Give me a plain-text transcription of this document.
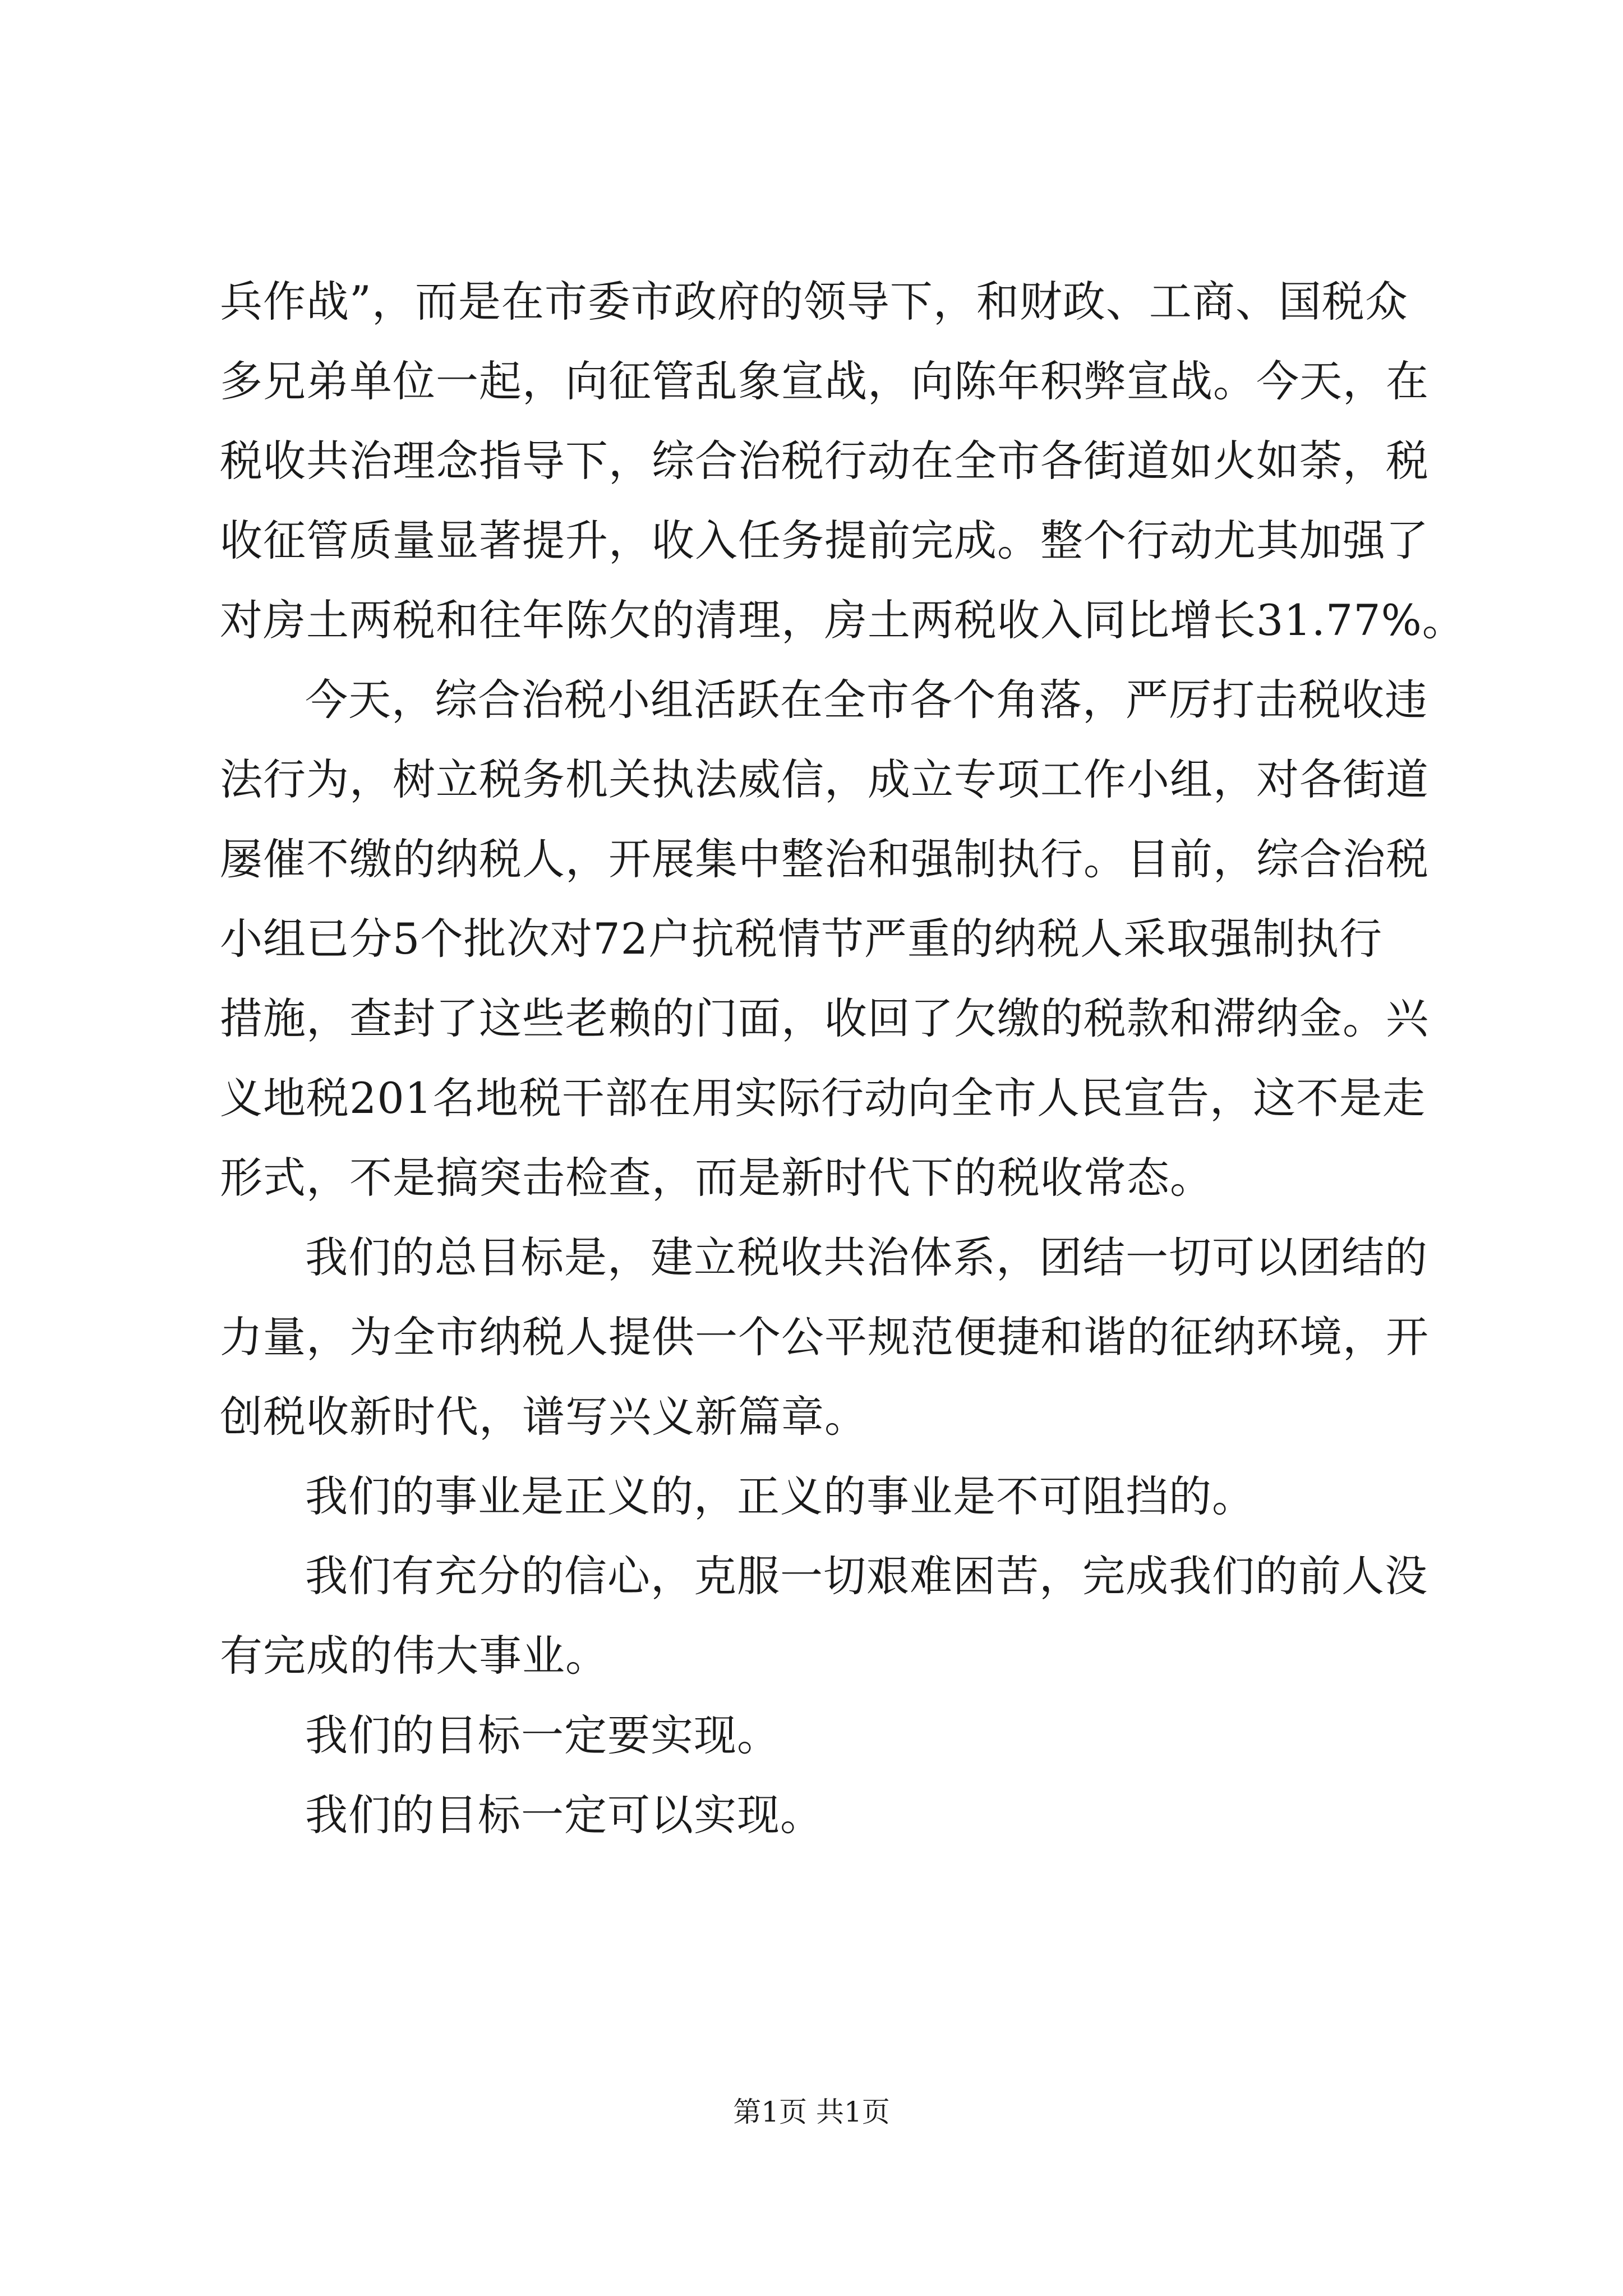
兵作战”，而是在市委市政府的领导下，和财政、工商、国税众
多兄弟单位一起，向征管乱象宣战，向陈年积弊宣战。今天，在
税收共治理念指导下，综合治税行动在全市各街道如火如荼，税
收征管质量显著提升，收入任务提前完成。整个行动尤其加强了
对房土两税和往年陈欠的清理，房土两税收入同比增长31.77%。
今天，综合治税小组活跃在全市各个角落，严厉打击税收违
法行为，树立税务机关执法威信，成立专项工作小组，对各街道
屡催不缴的纳税人，开展集中整治和强制执行。目前，综合治税
小组已分5个批次对72户抗税情节严重的纳税人采取强制执行
措施，查封了这些老赖的门面，收回了欠缴的税款和滞纳金。兴
义地税201名地税干部在用实际行动向全市人民宣告，这不是走
形式，不是搞突击检查，而是新时代下的税收常态。
我们的总目标是，建立税收共治体系，团结一切可以团结的
力量，为全市纳税人提供一个公平规范便捷和谐的征纳环境，开
创税收新时代，谱写兴义新篇章。
我们的事业是正义的，正义的事业是不可阻挡的。
我们有充分的信心，克服一切艰难困苦，完成我们的前人没
有完成的伟大事业。
我们的目标一定要实现。
我们的目标一定可以实现。
第1页 共1页
